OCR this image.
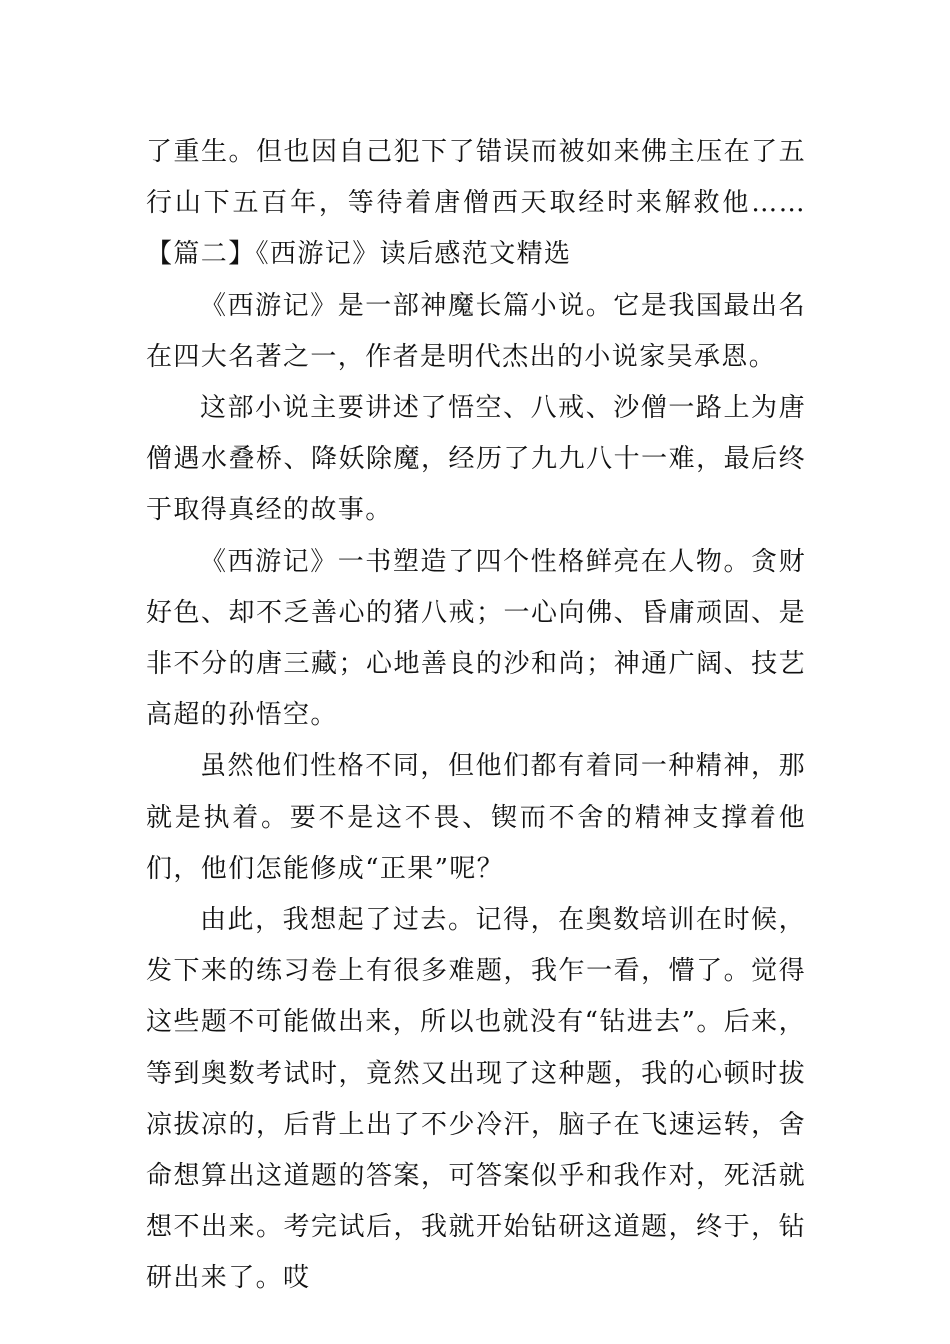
了重生。但也因自己犯下了错误而被如来佛主压在了五行山下五百年，等待着唐僧西天取经时来解救他……【篇二】《西游记》读后感范文精选

《西游记》是一部神魔长篇小说。它是我国最出名在四大名著之一，作者是明代杰出的小说家吴承恩。

这部小说主要讲述了悟空、八戒、沙僧一路上为唐僧遇水叠桥、降妖除魔，经历了九九八十一难，最后终于取得真经的故事。

《西游记》一书塑造了四个性格鲜亮在人物。贪财好色、却不乏善心的猪八戒；一心向佛、昏庸顽固、是非不分的唐三藏；心地善良的沙和尚；神通广阔、技艺高超的孙悟空。

虽然他们性格不同，但他们都有着同一种精神，那就是执着。要不是这不畏、锲而不舍的精神支撑着他们，他们怎能修成“正果”呢？

由此，我想起了过去。记得，在奥数培训在时候，发下来的练习卷上有很多难题，我乍一看，懵了。觉得这些题不可能做出来，所以也就没有“钻进去”。后来，等到奥数考试时，竟然又出现了这种题，我的心顿时拔凉拔凉的，后背上出了不少冷汗，脑子在飞速运转，舍命想算出这道题的答案，可答案似乎和我作对，死活就想不出来。考完试后，我就开始钻研这道题，终于，钻研出来了。哎
